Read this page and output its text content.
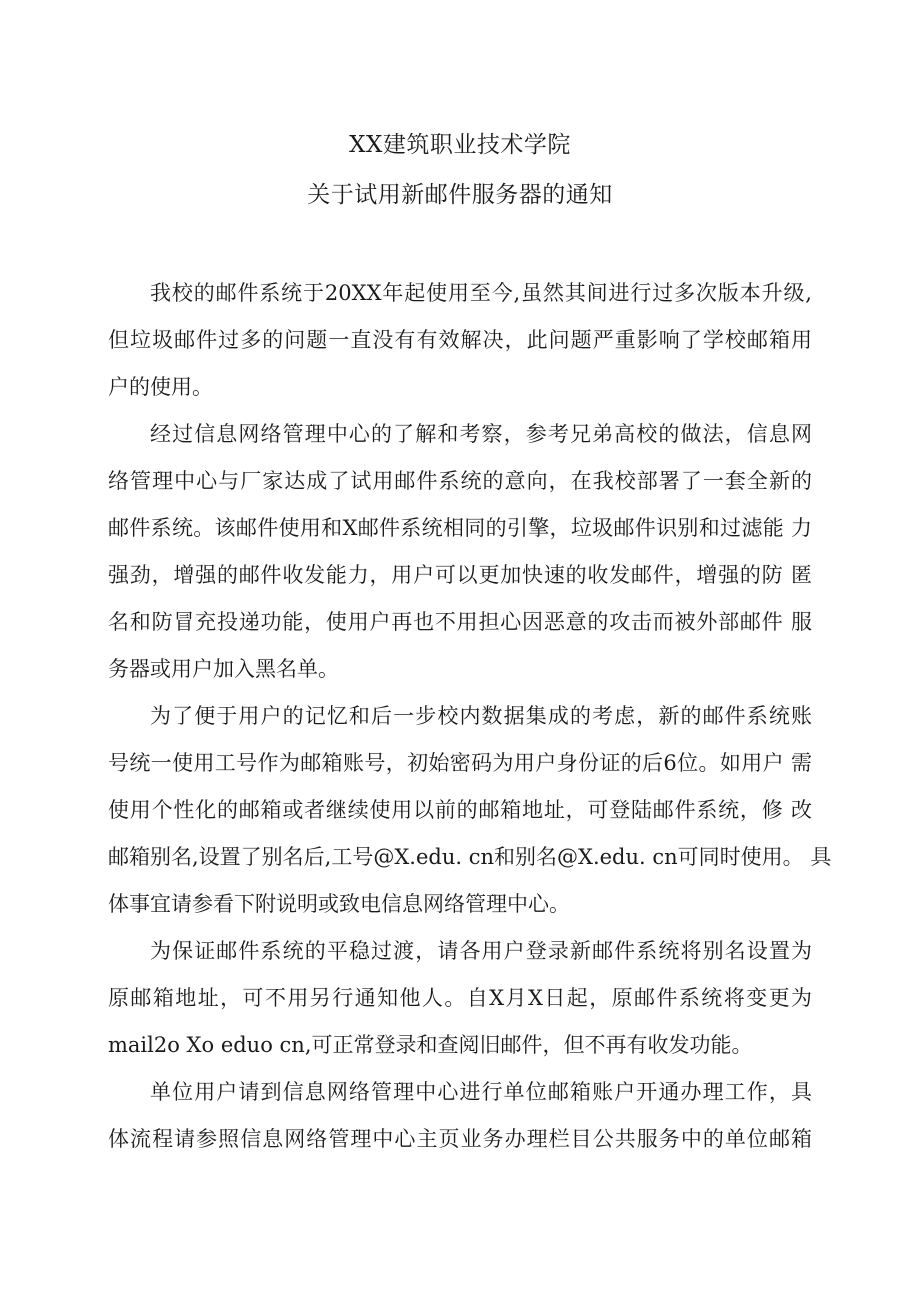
XX建筑职业技术学院
关于试用新邮件服务器的通知
我校的邮件系统于20XX年起使用至今,虽然其间进行过多次版本升级,
但垃圾邮件过多的问题一直没有有效解决，此问题严重影响了学校邮箱用
户的使用。
经过信息网络管理中心的了解和考察，参考兄弟高校的做法，信息网
络管理中心与厂家达成了试用邮件系统的意向，在我校部署了一套全新的
邮件系统。该邮件使用和X邮件系统相同的引擎，垃圾邮件识别和过滤能 力
强劲，增强的邮件收发能力，用户可以更加快速的收发邮件，增强的防 匿
名和防冒充投递功能，使用户再也不用担心因恶意的攻击而被外部邮件 服
务器或用户加入黑名单。
为了便于用户的记忆和后一步校内数据集成的考虑，新的邮件系统账
号统一使用工号作为邮箱账号，初始密码为用户身份证的后6位。如用户 需
使用个性化的邮箱或者继续使用以前的邮箱地址，可登陆邮件系统，修 改
邮箱别名,设置了别名后,工号@X.edu. cn和别名@X.edu. cn可同时使用。 具
体事宜请参看下附说明或致电信息网络管理中心。
为保证邮件系统的平稳过渡，请各用户登录新邮件系统将别名设置为
原邮箱地址，可不用另行通知他人。自X月X日起，原邮件系统将变更为
mail2o Xo eduo cn,可正常登录和查阅旧邮件，但不再有收发功能。
单位用户请到信息网络管理中心进行单位邮箱账户开通办理工作，具
体流程请参照信息网络管理中心主页业务办理栏目公共服务中的单位邮箱
